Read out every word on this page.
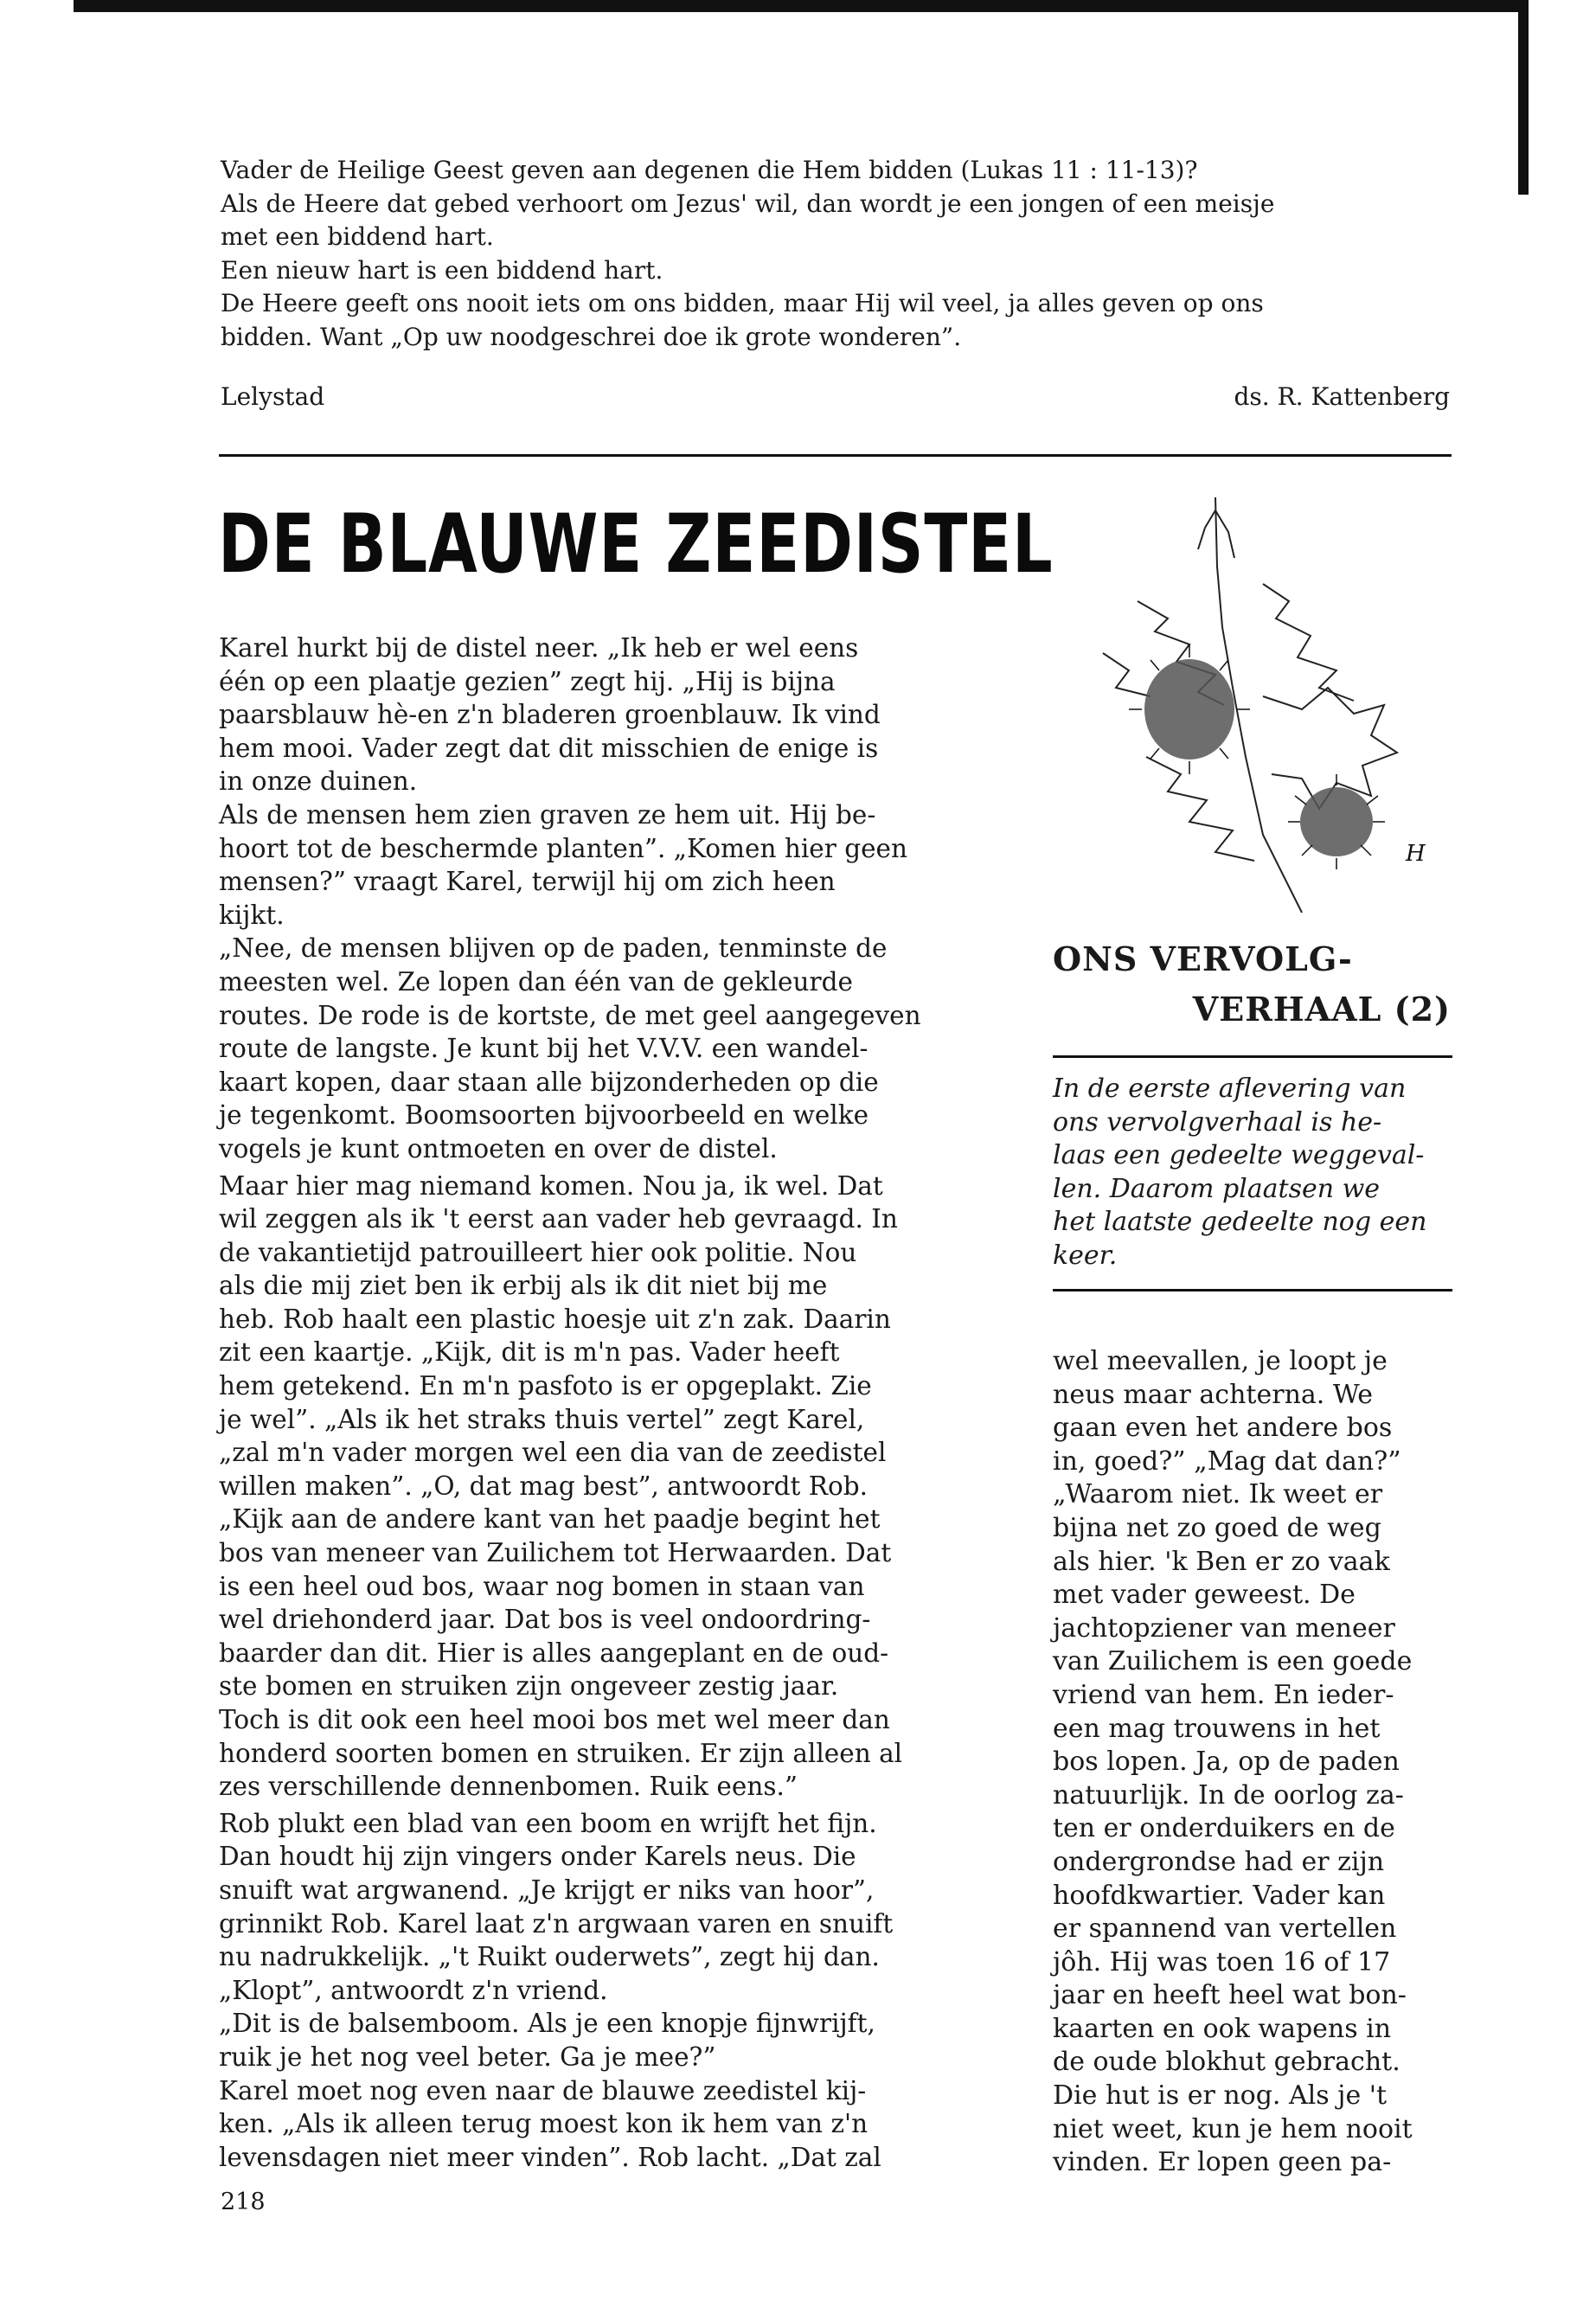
Vader de Heilige Geest geven aan degenen die Hem bidden (Lukas 11 : 11-13)?

Als de Heere dat gebed verhoort om Jezus' wil, dan wordt je een jongen of een meisje

met een biddend hart.

Een nieuw hart is een biddend hart.

De Heere geeft ons nooit iets om ons bidden, maar Hij wil veel, ja alles geven op ons

bidden. Want „Op uw noodgeschrei doe ik grote wonderen”.

Lelystad	ds. R. Kattenberg
DE BLAUWE ZEEDISTEL
H
ONS VERVOLG-
VERHAAL (2)

In de eerste aflevering van

ons vervolgverhaal is he-

laas een gedeelte weggeval-

len. Daarom plaatsen we

het laatste gedeelte nog een

keer.

Karel hurkt bij de distel neer. „Ik heb er wel eens

één op een plaatje gezien” zegt hij. „Hij is bijna

paarsblauw hè‑en z'n bladeren groenblauw. Ik vind

hem mooi. Vader zegt dat dit misschien de enige is

in onze duinen.

Als de mensen hem zien graven ze hem uit. Hij be-

hoort tot de beschermde planten”. „Komen hier geen

mensen?” vraagt Karel, terwijl hij om zich heen

kijkt.

„Nee, de mensen blijven op de paden, tenminste de

meesten wel. Ze lopen dan één van de gekleurde

routes. De rode is de kortste, de met geel aangegeven

route de langste. Je kunt bij het V.V.V. een wandel-

kaart kopen, daar staan alle bijzonderheden op die

je tegenkomt. Boomsoorten bijvoorbeeld en welke

vogels je kunt ontmoeten en over de distel.

Maar hier mag niemand komen. Nou ja, ik wel. Dat

wil zeggen als ik 't eerst aan vader heb gevraagd. In

de vakantietijd patrouilleert hier ook politie. Nou

als die mij ziet ben ik erbij als ik dit niet bij me

heb. Rob haalt een plastic hoesje uit z'n zak. Daarin

zit een kaartje. „Kijk, dit is m'n pas. Vader heeft

hem getekend. En m'n pasfoto is er opgeplakt. Zie

je wel”. „Als ik het straks thuis vertel” zegt Karel,

„zal m'n vader morgen wel een dia van de zeedistel

willen maken”. „O, dat mag best”, antwoordt Rob.

„Kijk aan de andere kant van het paadje begint het

bos van meneer van Zuilichem tot Herwaarden. Dat

is een heel oud bos, waar nog bomen in staan van

wel driehonderd jaar. Dat bos is veel ondoordring-

baarder dan dit. Hier is alles aangeplant en de oud-

ste bomen en struiken zijn ongeveer zestig jaar.

Toch is dit ook een heel mooi bos met wel meer dan

honderd soorten bomen en struiken. Er zijn alleen al

zes verschillende dennenbomen. Ruik eens.”

Rob plukt een blad van een boom en wrijft het fijn.

Dan houdt hij zijn vingers onder Karels neus. Die

snuift wat argwanend. „Je krijgt er niks van hoor”,

grinnikt Rob. Karel laat z'n argwaan varen en snuift

nu nadrukkelijk. „'t Ruikt ouderwets”, zegt hij dan.

„Klopt”, antwoordt z'n vriend.

„Dit is de balsemboom. Als je een knopje fijnwrijft,

ruik je het nog veel beter. Ga je mee?”

Karel moet nog even naar de blauwe zeedistel kij-

ken. „Als ik alleen terug moest kon ik hem van z'n

levensdagen niet meer vinden”. Rob lacht. „Dat zal

wel meevallen, je loopt je

neus maar achterna. We

gaan even het andere bos

in, goed?” „Mag dat dan?”

„Waarom niet. Ik weet er

bijna net zo goed de weg

als hier. 'k Ben er zo vaak

met vader geweest. De

jachtopziener van meneer

van Zuilichem is een goede

vriend van hem. En ieder-

een mag trouwens in het

bos lopen. Ja, op de paden

natuurlijk. In de oorlog za-

ten er onderduikers en de

ondergrondse had er zijn

hoofdkwartier. Vader kan

er spannend van vertellen

jôh. Hij was toen 16 of 17

jaar en heeft heel wat bon-

kaarten en ook wapens in

de oude blokhut gebracht.

Die hut is er nog. Als je 't

niet weet, kun je hem nooit

vinden. Er lopen geen pa-

218
